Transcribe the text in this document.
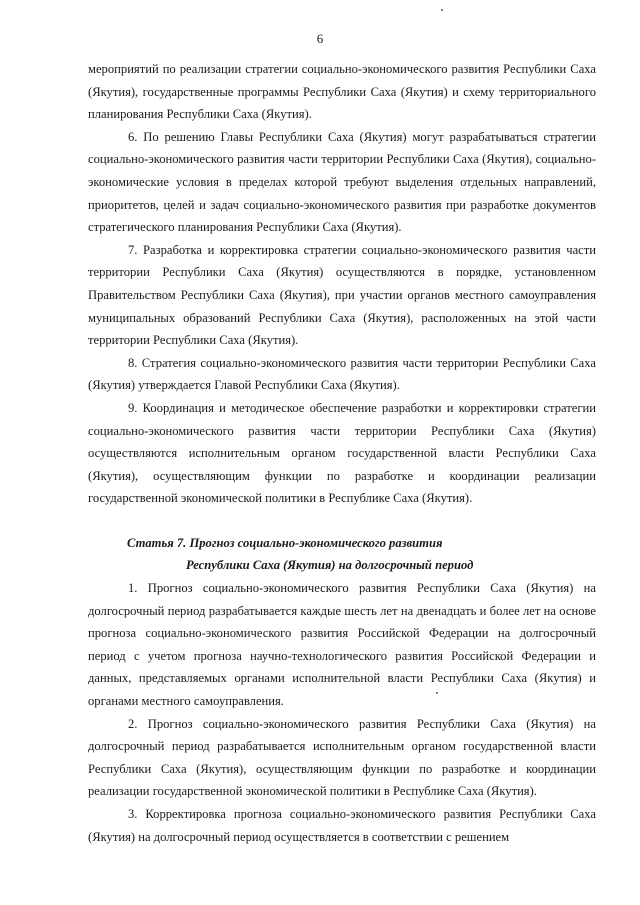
6

мероприятий по реализации стратегии социально-экономического развития Республики Саха (Якутия), государственные программы Республики Саха (Якутия) и схему территориального планирования Республики Саха (Якутия).

6. По решению Главы Республики Саха (Якутия) могут разрабатываться стратегии социально-экономического развития части территории Республики Саха (Якутия), социально-экономические условия в пределах которой требуют выделения отдельных направлений, приоритетов, целей и задач социально-экономического развития при разработке документов стратегического планирования Республики Саха (Якутия).

7. Разработка и корректировка стратегии социально-экономического развития части территории Республики Саха (Якутия) осуществляются в порядке, установленном Правительством Республики Саха (Якутия), при участии органов местного самоуправления муниципальных образований Республики Саха (Якутия), расположенных на этой части территории Республики Саха (Якутия).

8. Стратегия социально-экономического развития части территории Республики Саха (Якутия) утверждается Главой Республики Саха (Якутия).

9. Координация и методическое обеспечение разработки и корректировки стратегии социально-экономического развития части территории Республики Саха (Якутия) осуществляются исполнительным органом государственной власти Республики Саха (Якутия), осуществляющим функции по разработке и координации реализации государственной экономической политики в Республике Саха (Якутия).

Статья 7. Прогноз социально-экономического развития

Республики Саха (Якутия) на долгосрочный период

1. Прогноз социально-экономического развития Республики Саха (Якутия) на долгосрочный период разрабатывается каждые шесть лет на двенадцать и более лет на основе прогноза социально-экономического развития Российской Федерации на долгосрочный период с учетом прогноза научно-технологического развития Российской Федерации и данных, представляемых органами исполнительной власти Республики Саха (Якутия) и органами местного самоуправления.

2. Прогноз социально-экономического развития Республики Саха (Якутия) на долгосрочный период разрабатывается исполнительным органом государственной власти Республики Саха (Якутия), осуществляющим функции по разработке и координации реализации государственной экономической политики в Республике Саха (Якутия).

3. Корректировка прогноза социально-экономического развития Республики Саха (Якутия) на долгосрочный период осуществляется в соответствии с решением
